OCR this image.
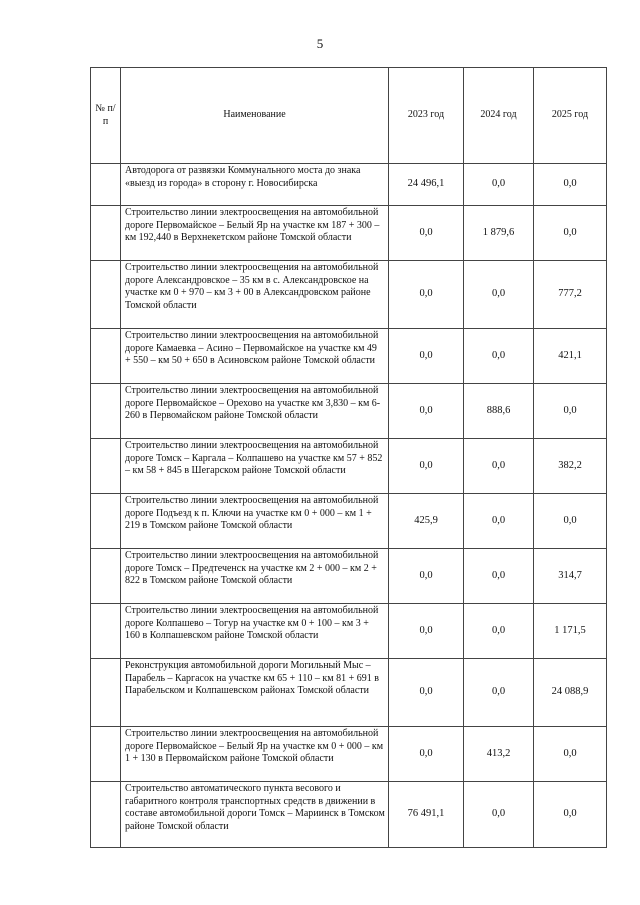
5
№ п/п	Наименование	2023 год	2024 год	2025 год
	Автодорога от развязки Коммунального моста до знака «выезд из города» в сторону г. Новосибирска	24 496,1	0,0	0,0
	Строительство линии электроосвещения на автомобильной дороге Первомайское – Белый Яр на участке км 187 + 300 – км 192,440 в Верхнекетском районе Томской области	0,0	1 879,6	0,0
	Строительство линии электроосвещения на автомобильной дороге Александровское – 35 км в с. Александровское на участке км 0 + 970 – км 3 + 00 в Александровском районе Томской области	0,0	0,0	777,2
	Строительство линии электроосвещения на автомобильной дороге Камаевка – Асино – Первомайское на участке км 49 + 550 – км 50 + 650 в Асиновском районе Томской области	0,0	0,0	421,1
	Строительство линии электроосвещения на автомобильной дороге Первомайское – Орехово на участке км 3,830 – км 6-260 в Первомайском районе Томской области	0,0	888,6	0,0
	Строительство линии электроосвещения на автомобильной дороге Томск – Каргала – Колпашево на участке км 57 + 852 – км 58 + 845 в Шегарском районе Томской области	0,0	0,0	382,2
	Строительство линии электроосвещения на автомобильной дороге Подъезд к п. Ключи на участке км 0 + 000 – км 1 + 219 в Томском районе Томской области	425,9	0,0	0,0
	Строительство линии электроосвещения на автомобильной дороге Томск – Предтеченск на участке км 2 + 000 – км 2 + 822 в Томском районе Томской области	0,0	0,0	314,7
	Строительство линии электроосвещения на автомобильной дороге Колпашево – Тогур на участке км 0 + 100 – км 3 + 160 в Колпашевском районе Томской области	0,0	0,0	1 171,5
	Реконструкция автомобильной дороги Могильный Мыс – Парабель – Каргасок на участке км 65 + 110 – км 81 + 691 в Парабельском и Колпашевском районах Томской области	0,0	0,0	24 088,9
	Строительство линии электроосвещения на автомобильной дороге Первомайское – Белый Яр на участке км 0 + 000 – км 1 + 130 в Первомайском районе Томской области	0,0	413,2	0,0
	Строительство автоматического пункта весового и габаритного контроля транспортных средств в движении в составе автомобильной дороги Томск – Мариинск в Томском районе Томской области	76 491,1	0,0	0,0
